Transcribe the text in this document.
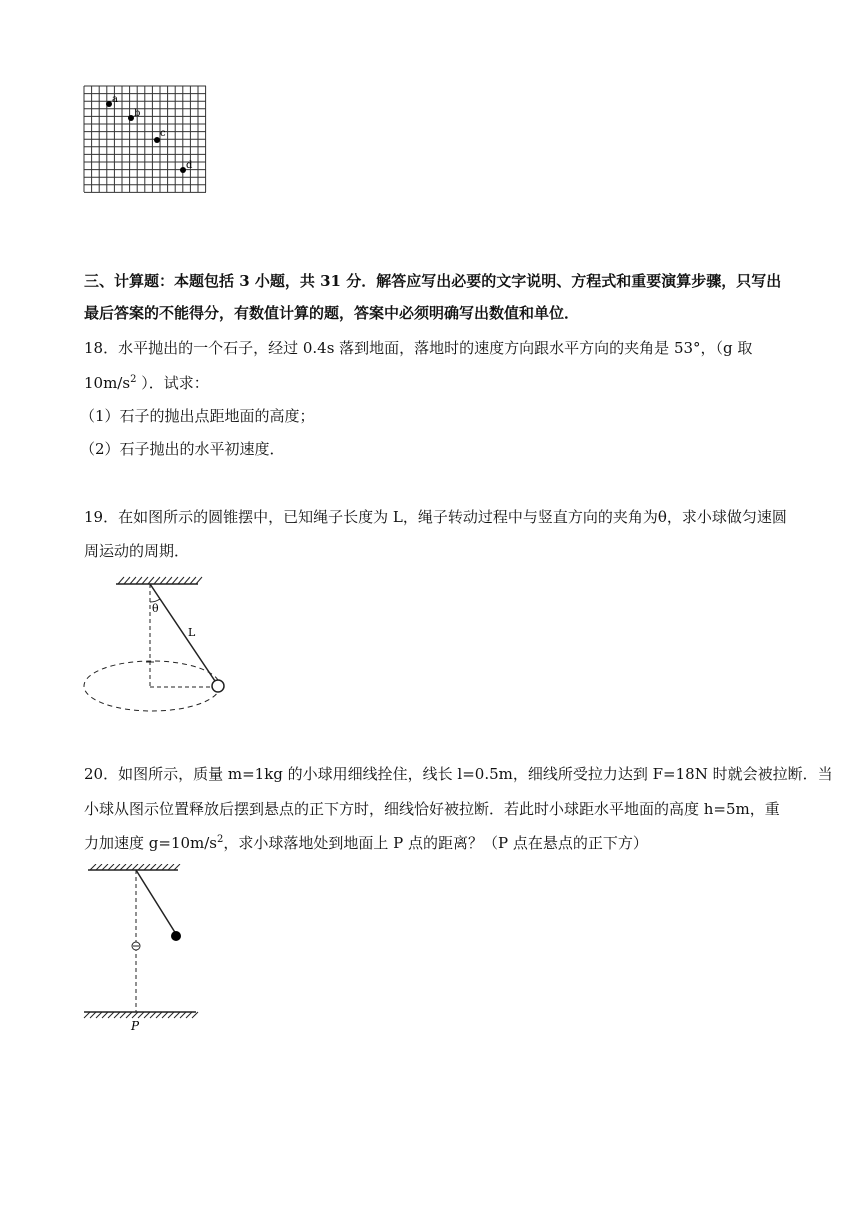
a
b
c
d
三、计算题：本题包括 3 小题，共 31 分．解答应写出必要的文字说明、方程式和重要演算步骤，只写出
最后答案的不能得分，有数值计算的题，答案中必须明确写出数值和单位．
18．水平抛出的一个石子，经过 0.4s 落到地面，落地时的速度方向跟水平方向的夹角是 53°，（g 取
$10m/s^2$ ）．试求：
（1）石子的抛出点距地面的高度；
（2）石子抛出的水平初速度．
19．在如图所示的圆锥摆中，已知绳子长度为 L，绳子转动过程中与竖直方向的夹角为θ，求小球做匀速圆
周运动的周期．
θ
L
20．如图所示，质量 m=1kg 的小球用细线拴住，线长 l=0.5m，细线所受拉力达到 F=18N 时就会被拉断．当
小球从图示位置释放后摆到悬点的正下方时，细线恰好被拉断．若此时小球距水平地面的高度 h=5m，重
力加速度 $g=10m/s^2$，求小球落地处到地面上 P 点的距离？（P 点在悬点的正下方）
P
